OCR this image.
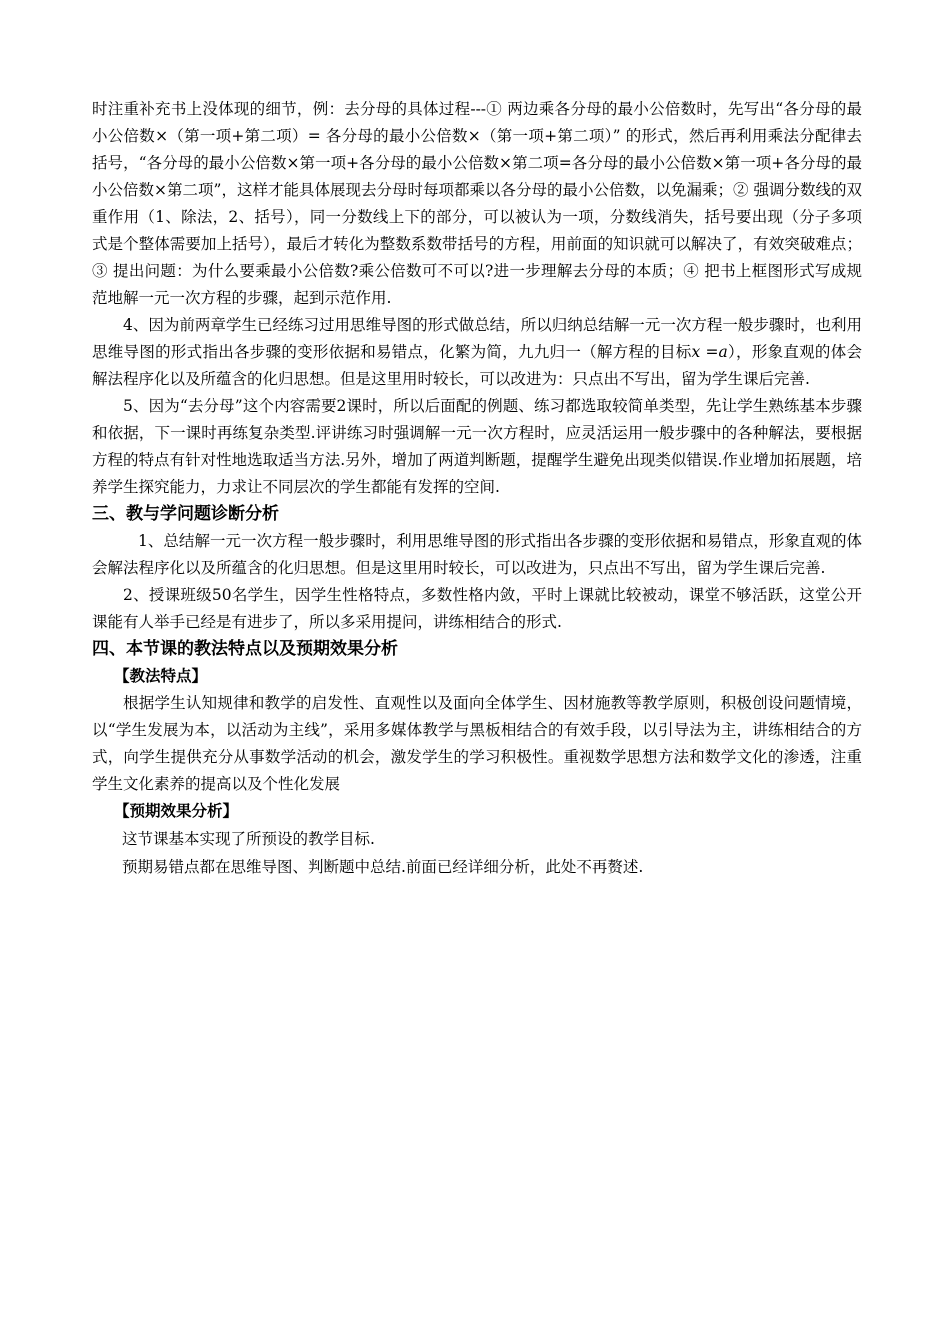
时注重补充书上没体现的细节，例：去分母的具体过程---① 两边乘各分母的最小公倍数时，先写出“各分母的最小公倍数×（第一项+第二项）= 各分母的最小公倍数×（第一项+第二项）” 的形式，然后再利用乘法分配律去括号，“各分母的最小公倍数×第一项+各分母的最小公倍数×第二项=各分母的最小公倍数×第一项+各分母的最小公倍数×第二项”，这样才能具体展现去分母时每项都乘以各分母的最小公倍数，以免漏乘；② 强调分数线的双重作用（1、除法，2、括号），同一分数线上下的部分，可以被认为一项，分数线消失，括号要出现（分子多项式是个整体需要加上括号），最后才转化为整数系数带括号的方程，用前面的知识就可以解决了，有效突破难点；③ 提出问题：为什么要乘最小公倍数?乘公倍数可不可以?进一步理解去分母的本质；④ 把书上框图形式写成规范地解一元一次方程的步骤，起到示范作用.

4、因为前两章学生已经练习过用思维导图的形式做总结，所以归纳总结解一元一次方程一般步骤时，也利用思维导图的形式指出各步骤的变形依据和易错点，化繁为简，九九归一（解方程的目标x =a），形象直观的体会解法程序化以及所蕴含的化归思想。但是这里用时较长，可以改进为：只点出不写出，留为学生课后完善.

5、因为“去分母”这个内容需要2课时，所以后面配的例题、练习都选取较简单类型，先让学生熟练基本步骤和依据，下一课时再练复杂类型.评讲练习时强调解一元一次方程时，应灵活运用一般步骤中的各种解法，要根据方程的特点有针对性地选取适当方法.另外，增加了两道判断题，提醒学生避免出现类似错误.作业增加拓展题，培养学生探究能力，力求让不同层次的学生都能有发挥的空间.

三、教与学问题诊断分析

1、总结解一元一次方程一般步骤时，利用思维导图的形式指出各步骤的变形依据和易错点，形象直观的体会解法程序化以及所蕴含的化归思想。但是这里用时较长，可以改进为，只点出不写出，留为学生课后完善.

2、授课班级50名学生，因学生性格特点，多数性格内敛，平时上课就比较被动，课堂不够活跃，这堂公开课能有人举手已经是有进步了，所以多采用提问，讲练相结合的形式.

四、本节课的教法特点以及预期效果分析

【教法特点】

根据学生认知规律和教学的启发性、直观性以及面向全体学生、因材施教等教学原则，积极创设问题情境，以“学生发展为本，以活动为主线”，采用多媒体教学与黑板相结合的有效手段，以引导法为主，讲练相结合的方式，向学生提供充分从事数学活动的机会，激发学生的学习积极性。重视数学思想方法和数学文化的渗透，注重学生文化素养的提高以及个性化发展

【预期效果分析】

这节课基本实现了所预设的教学目标.

预期易错点都在思维导图、判断题中总结.前面已经详细分析，此处不再赘述.
